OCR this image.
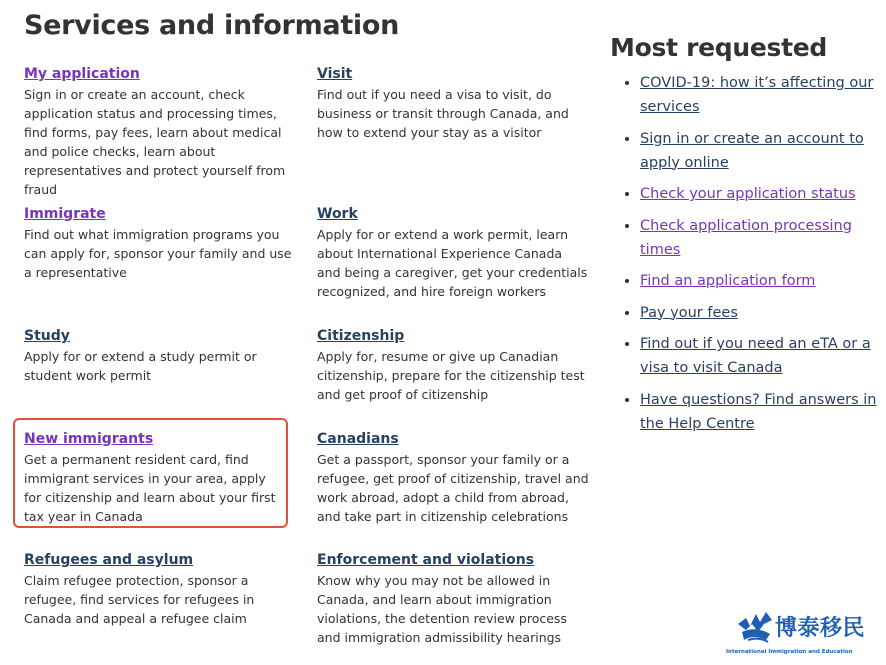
Services and information
My application

Sign in or create an account, check application status and processing times, find forms, pay fees, learn about medical and police checks, learn about representatives and protect yourself from fraud

Visit

Find out if you need a visa to visit, do business or transit through Canada, and how to extend your stay as a visitor

Immigrate

Find out what immigration programs you can apply for, sponsor your family and use a representative

Work

Apply for or extend a work permit, learn about International Experience Canada and being a caregiver, get your credentials recognized, and hire foreign workers

Study

Apply for or extend a study permit or student work permit

Citizenship

Apply for, resume or give up Canadian citizenship, prepare for the citizenship test and get proof of citizenship

New immigrants

Get a permanent resident card, find immigrant services in your area, apply for citizenship and learn about your first tax year in Canada

Canadians

Get a passport, sponsor your family or a refugee, get proof of citizenship, travel and work abroad, adopt a child from abroad, and take part in citizenship celebrations

Refugees and asylum

Claim refugee protection, sponsor a refugee, find services for refugees in Canada and appeal a refugee claim

Enforcement and violations

Know why you may not be allowed in Canada, and learn about immigration violations, the detention review process and immigration admissibility hearings

Most requested
• COVID-19: how it’s affecting our services
• Sign in or create an account to apply online
• Check your application status
• Check application processing times
• Find an application form
• Pay your fees
• Find out if you need an eTA or a visa to visit Canada
• Have questions? Find answers in the Help Centre
博泰移民
International Immigration and Education
